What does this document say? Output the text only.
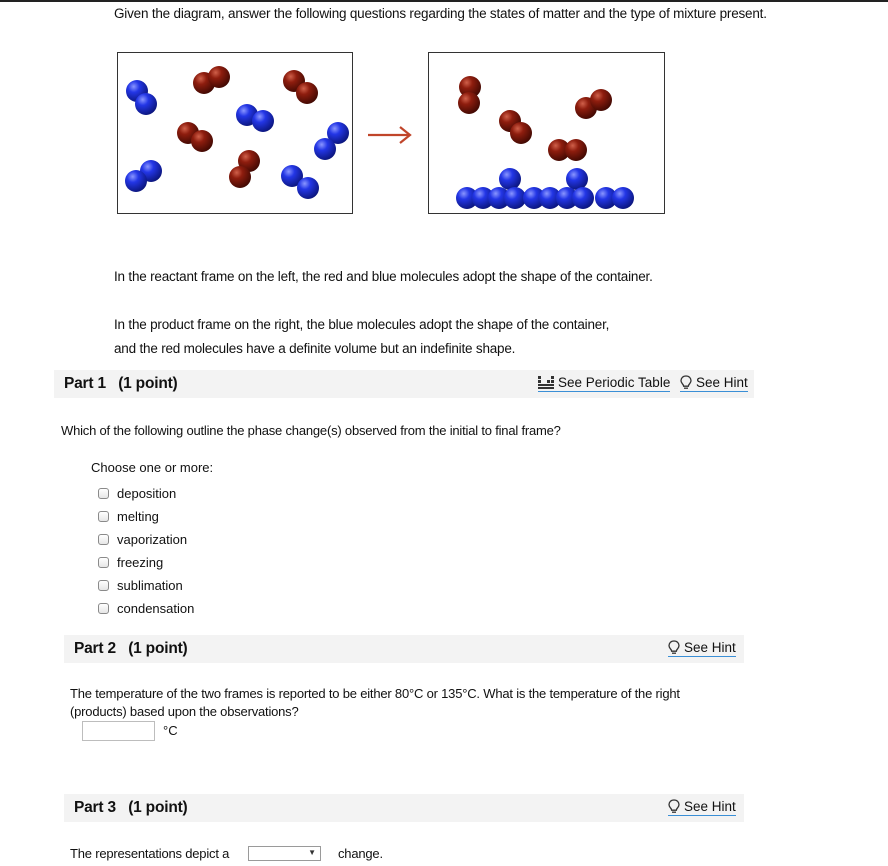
Given the diagram, answer the following questions regarding the states of matter and the type of mixture present.
In the reactant frame on the left, the red and blue molecules adopt the shape of the container.
In the product frame on the right, the blue molecules adopt the shape of the container,
and the red molecules have a definite volume but an indefinite shape.
Part 1   (1 point)	See Periodic Table See Hint
Which of the following outline the phase change(s) observed from the initial to final frame?
Choose one or more:
deposition
melting
vaporization
freezing
sublimation
condensation
Part 2   (1 point)	See Hint
The temperature of the two frames is reported to be either 80°C or 135°C. What is the temperature of the right
(products) based upon the observations?
°C
Part 3   (1 point)	See Hint
The representations depict a	▼ change.
